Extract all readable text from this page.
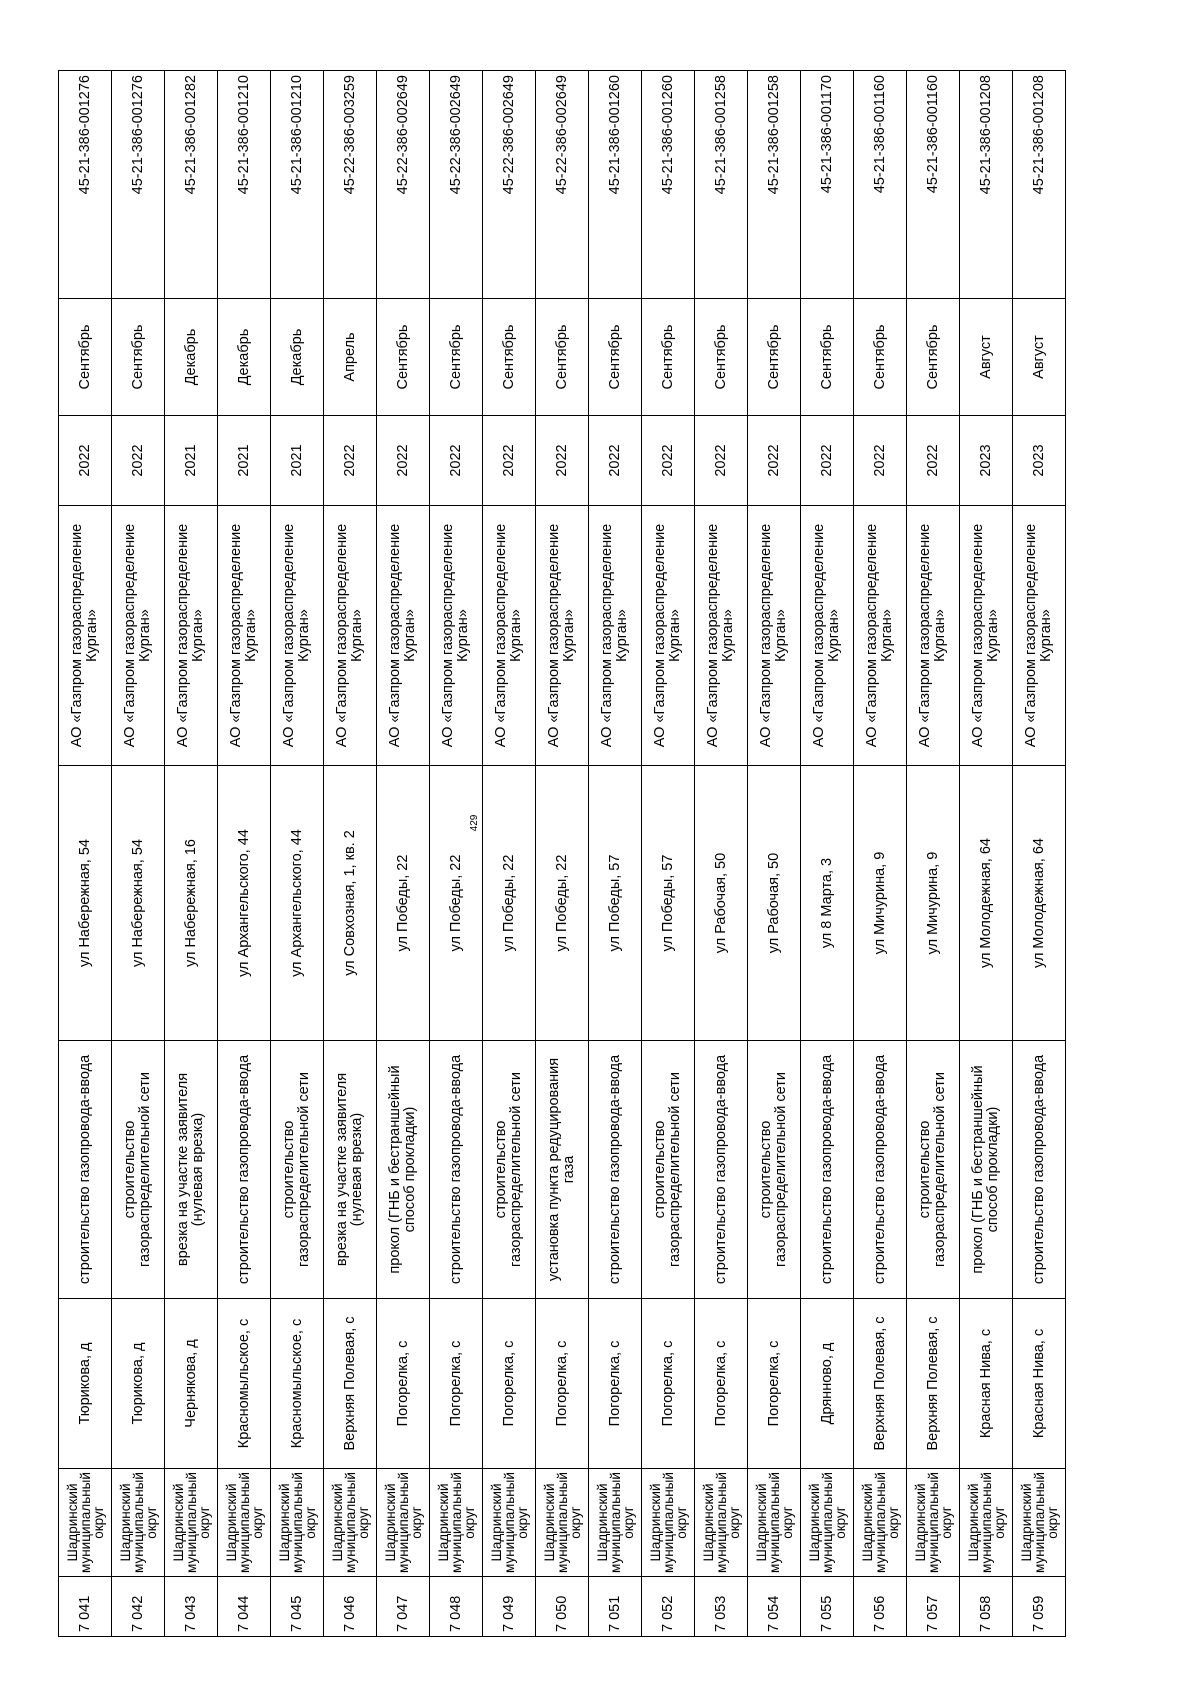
429
7 041	Шадринский муниципальный округ	Тюрикова, д	строительство газопровода-ввода	ул Набережная, 54	АО «Газпром газораспределение Курган»	2022	Сентябрь	45-21-386-001276
7 042	Шадринский муниципальный округ	Тюрикова, д	строительство газораспределительной сети	ул Набережная, 54	АО «Газпром газораспределение Курган»	2022	Сентябрь	45-21-386-001276
7 043	Шадринский муниципальный округ	Чернякова, д	врезка на участке заявителя (нулевая врезка)	ул Набережная, 16	АО «Газпром газораспределение Курган»	2021	Декабрь	45-21-386-001282
7 044	Шадринский муниципальный округ	Красномыльское, с	строительство газопровода-ввода	ул Архангельского, 44	АО «Газпром газораспределение Курган»	2021	Декабрь	45-21-386-001210
7 045	Шадринский муниципальный округ	Красномыльское, с	строительство газораспределительной сети	ул Архангельского, 44	АО «Газпром газораспределение Курган»	2021	Декабрь	45-21-386-001210
7 046	Шадринский муниципальный округ	Верхняя Полевая, с	врезка на участке заявителя (нулевая врезка)	ул Совхозная, 1, кв. 2	АО «Газпром газораспределение Курган»	2022	Апрель	45-22-386-003259
7 047	Шадринский муниципальный округ	Погорелка, с	прокол (ГНБ и бестраншейный способ прокладки)	ул Победы, 22	АО «Газпром газораспределение Курган»	2022	Сентябрь	45-22-386-002649
7 048	Шадринский муниципальный округ	Погорелка, с	строительство газопровода-ввода	ул Победы, 22	АО «Газпром газораспределение Курган»	2022	Сентябрь	45-22-386-002649
7 049	Шадринский муниципальный округ	Погорелка, с	строительство газораспределительной сети	ул Победы, 22	АО «Газпром газораспределение Курган»	2022	Сентябрь	45-22-386-002649
7 050	Шадринский муниципальный округ	Погорелка, с	установка пункта редуцирования газа	ул Победы, 22	АО «Газпром газораспределение Курган»	2022	Сентябрь	45-22-386-002649
7 051	Шадринский муниципальный округ	Погорелка, с	строительство газопровода-ввода	ул Победы, 57	АО «Газпром газораспределение Курган»	2022	Сентябрь	45-21-386-001260
7 052	Шадринский муниципальный округ	Погорелка, с	строительство газораспределительной сети	ул Победы, 57	АО «Газпром газораспределение Курган»	2022	Сентябрь	45-21-386-001260
7 053	Шадринский муниципальный округ	Погорелка, с	строительство газопровода-ввода	ул Рабочая, 50	АО «Газпром газораспределение Курган»	2022	Сентябрь	45-21-386-001258
7 054	Шадринский муниципальный округ	Погорелка, с	строительство газораспределительной сети	ул Рабочая, 50	АО «Газпром газораспределение Курган»	2022	Сентябрь	45-21-386-001258
7 055	Шадринский муниципальный округ	Дрянново, д	строительство газопровода-ввода	ул 8 Марта, 3	АО «Газпром газораспределение Курган»	2022	Сентябрь	45-21-386-001170
7 056	Шадринский муниципальный округ	Верхняя Полевая, с	строительство газопровода-ввода	ул Мичурина, 9	АО «Газпром газораспределение Курган»	2022	Сентябрь	45-21-386-001160
7 057	Шадринский муниципальный округ	Верхняя Полевая, с	строительство газораспределительной сети	ул Мичурина, 9	АО «Газпром газораспределение Курган»	2022	Сентябрь	45-21-386-001160
7 058	Шадринский муниципальный округ	Красная Нива, с	прокол (ГНБ и бестраншейный способ прокладки)	ул Молодежная, 64	АО «Газпром газораспределение Курган»	2023	Август	45-21-386-001208
7 059	Шадринский муниципальный округ	Красная Нива, с	строительство газопровода-ввода	ул Молодежная, 64	АО «Газпром газораспределение Курган»	2023	Август	45-21-386-001208
